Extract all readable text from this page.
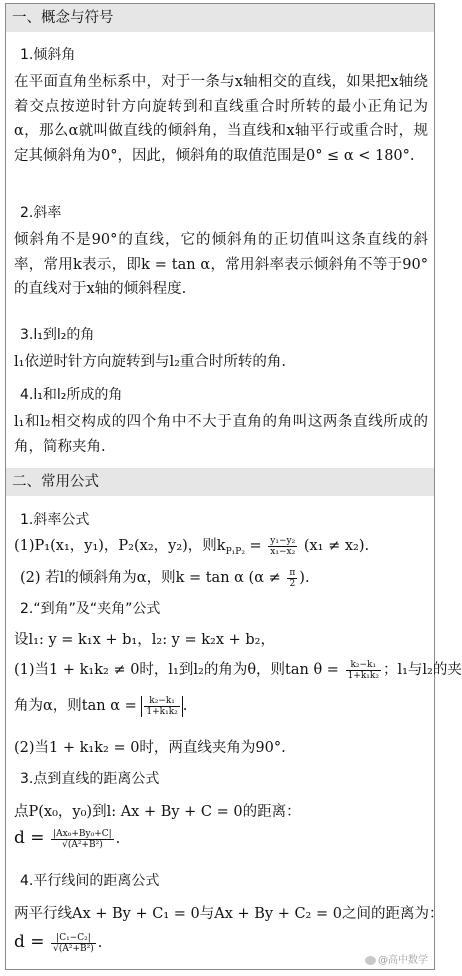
一、概念与符号
1.倾斜角
在平面直角坐标系中，对于一条与x轴相交的直线，如果把x轴绕着交点按逆时针方向旋转到和直线重合时所转的最小正角记为α，那么α就叫做直线的倾斜角，当直线和x轴平行或重合时，规定其倾斜角为0°，因此，倾斜角的取值范围是0° ≤ α < 180°.
2.斜率
倾斜角不是90°的直线，它的倾斜角的正切值叫这条直线的斜率，常用k表示，即k = tan α，常用斜率表示倾斜角不等于90°的直线对于x轴的倾斜程度.
3.l₁到l₂的角
l₁依逆时针方向旋转到与l₂重合时所转的角.
4.l₁和l₂所成的角
l₁和l₂相交构成的四个角中不大于直角的角叫这两条直线所成的角，简称夹角.
二、常用公式
1.斜率公式
(1)P₁(x₁，y₁)，P₂(x₂，y₂)，则$k_{P_1P_2} = \frac{\text{y₁−y₂}}{\text{x₁−x₂}} (x_1 \ne x_2)$.
(2) 若l的倾斜角为α，则k = tan α ($\alpha \ne \frac{\pi}{2}$ ).
2.“到角”及“夹角”公式
设l₁: y = k₁x + b₁，l₂: y = k₂x + b₂，
(1)当1 + k₁k₂ ≠ 0时，l₁到l₂的角为θ，则$\tan \theta = \frac{\text{k₂−k₁}}{\text{1+k₁k₂}}$ ；l₁与l₂的夹
角为α，则$\tan \alpha = \frac{\text{k₂−k₁}}{\text{1+k₁k₂}}$ .
(2)当1 + k₁k₂ = 0时，两直线夹角为90°.
3.点到直线的距离公式
点P(x₀，y₀)到l: Ax + By + C = 0的距离：
$d = \frac{\text{|Ax₀+By₀+C|}}{\text{√(A²+B²)}}$ .
4.平行线间的距离公式
两平行线Ax + By + C₁ = 0与Ax + By + C₂ = 0之间的距离为：
$d = \frac{\text{|C₁−C₂|}}{\text{√(A²+B²)}}$ .
@高中数学
